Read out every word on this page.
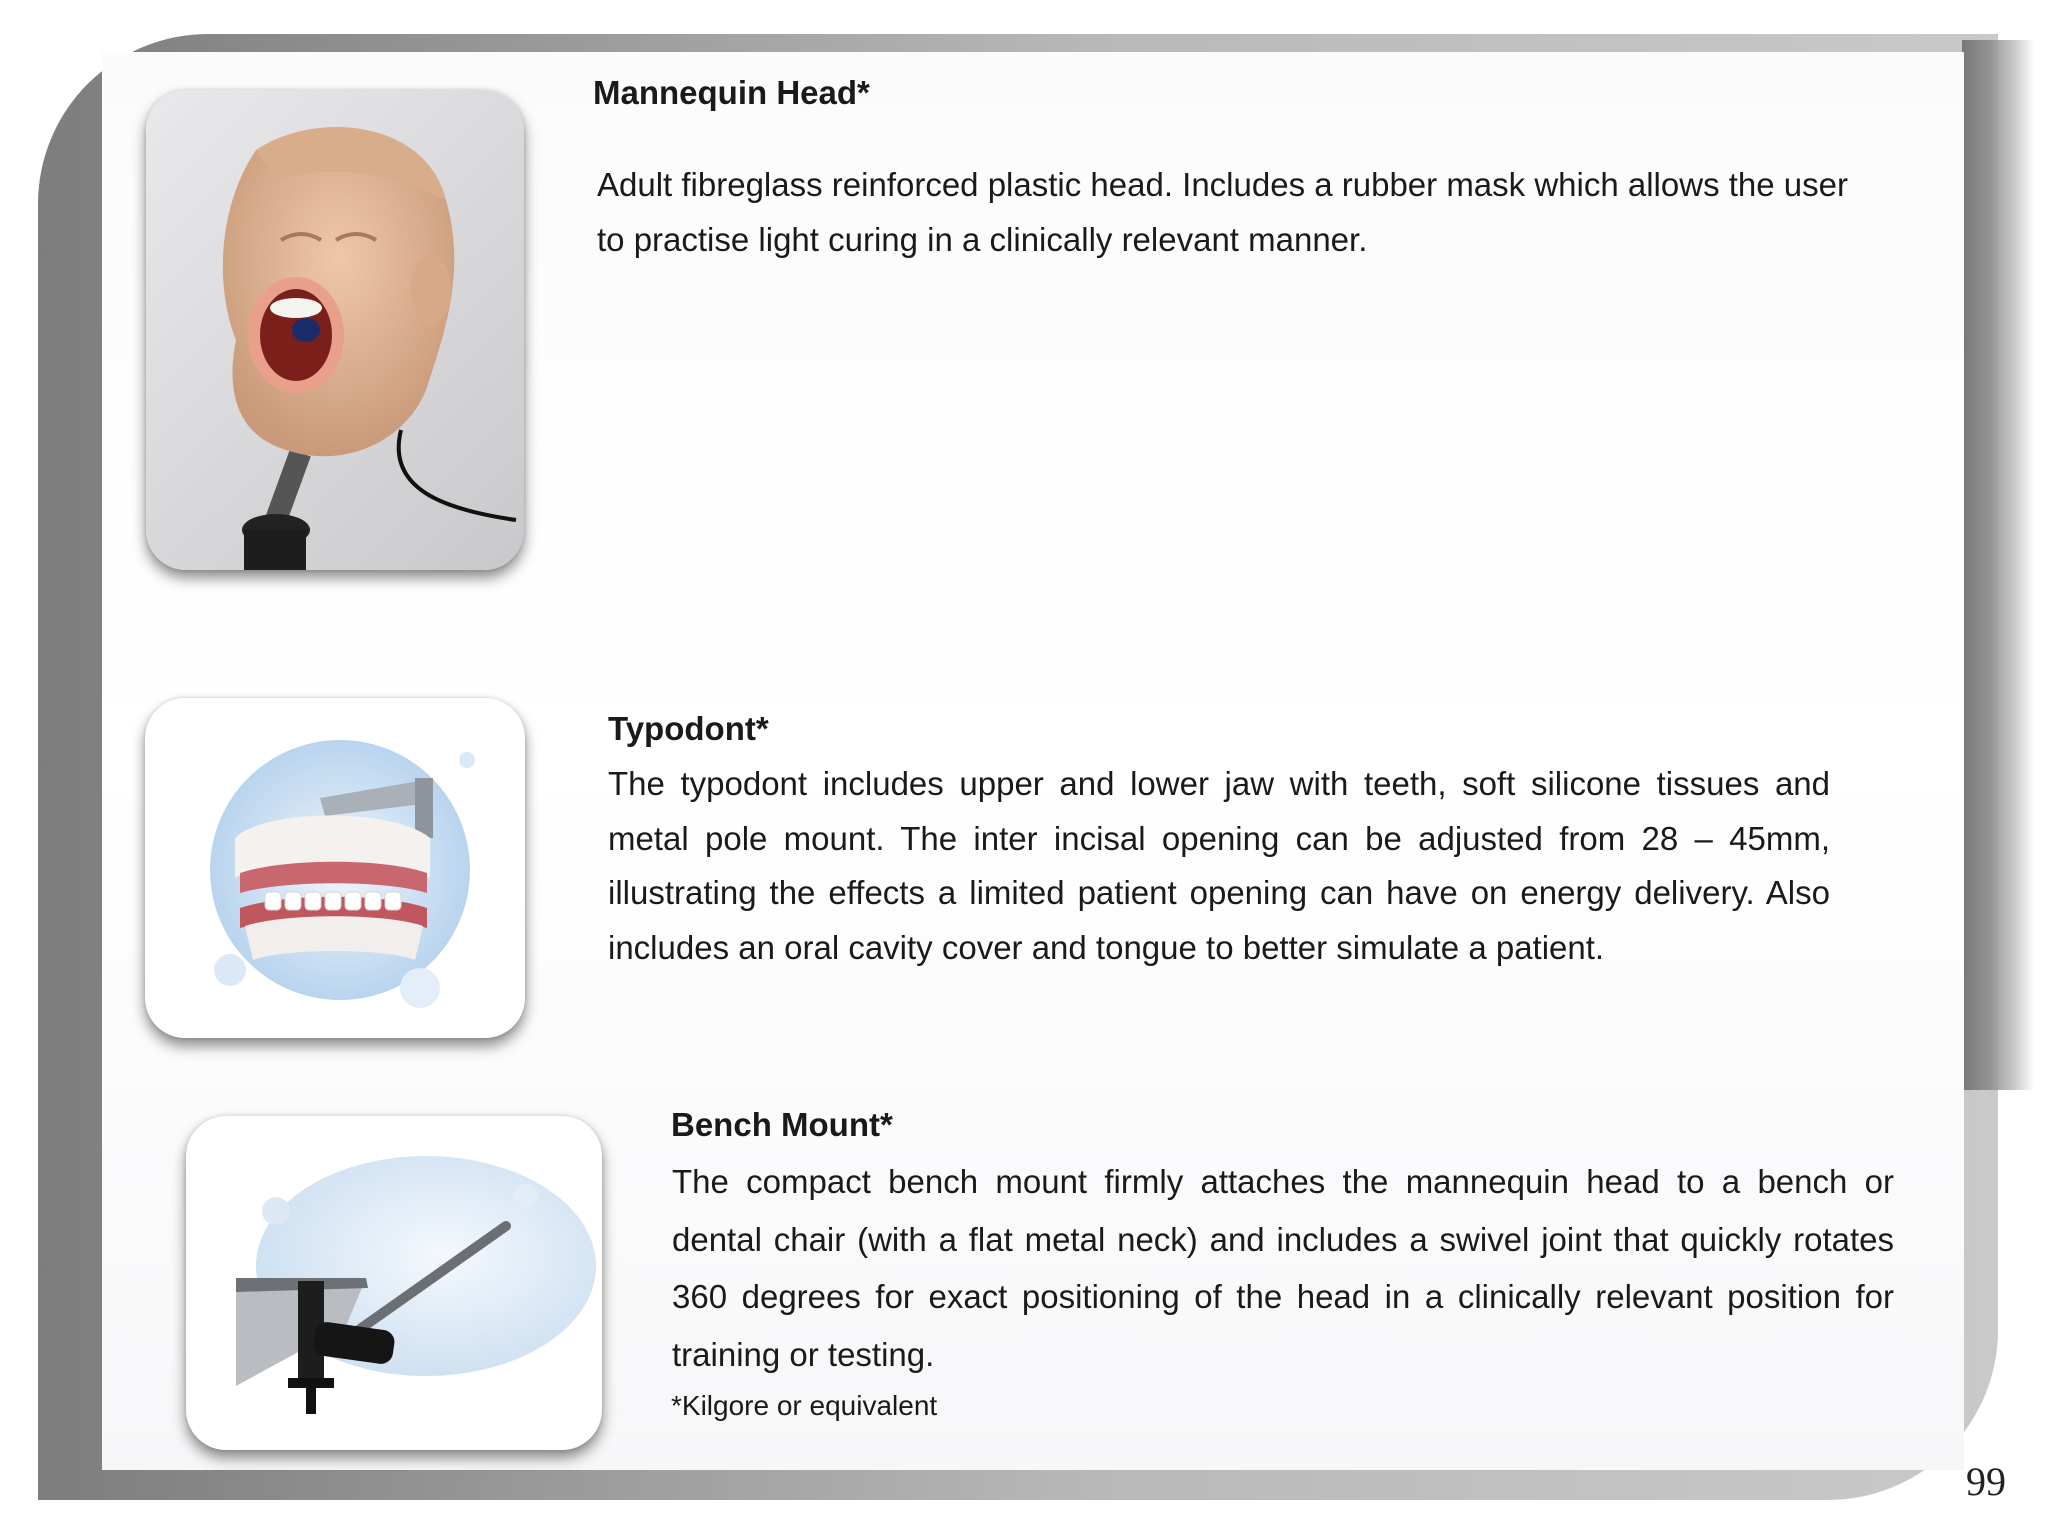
Mannequin Head*
Adult fibreglass reinforced plastic head. Includes a rubber mask which allows the user to practise light curing in a clinically relevant manner.
Typodont*
The typodont includes upper and lower jaw with teeth, soft silicone tissues and metal pole mount. The inter incisal opening can be adjusted from 28 – 45mm, illustrating the effects a limited patient opening can have on energy delivery. Also includes an oral cavity cover and tongue to better simulate a patient.
Bench Mount*
The compact bench mount firmly attaches the mannequin head to a bench or dental chair (with a flat metal neck) and includes a swivel joint that quickly rotates 360 degrees for exact positioning of the head in a clinically relevant position for training or testing.
*Kilgore or equivalent
99
